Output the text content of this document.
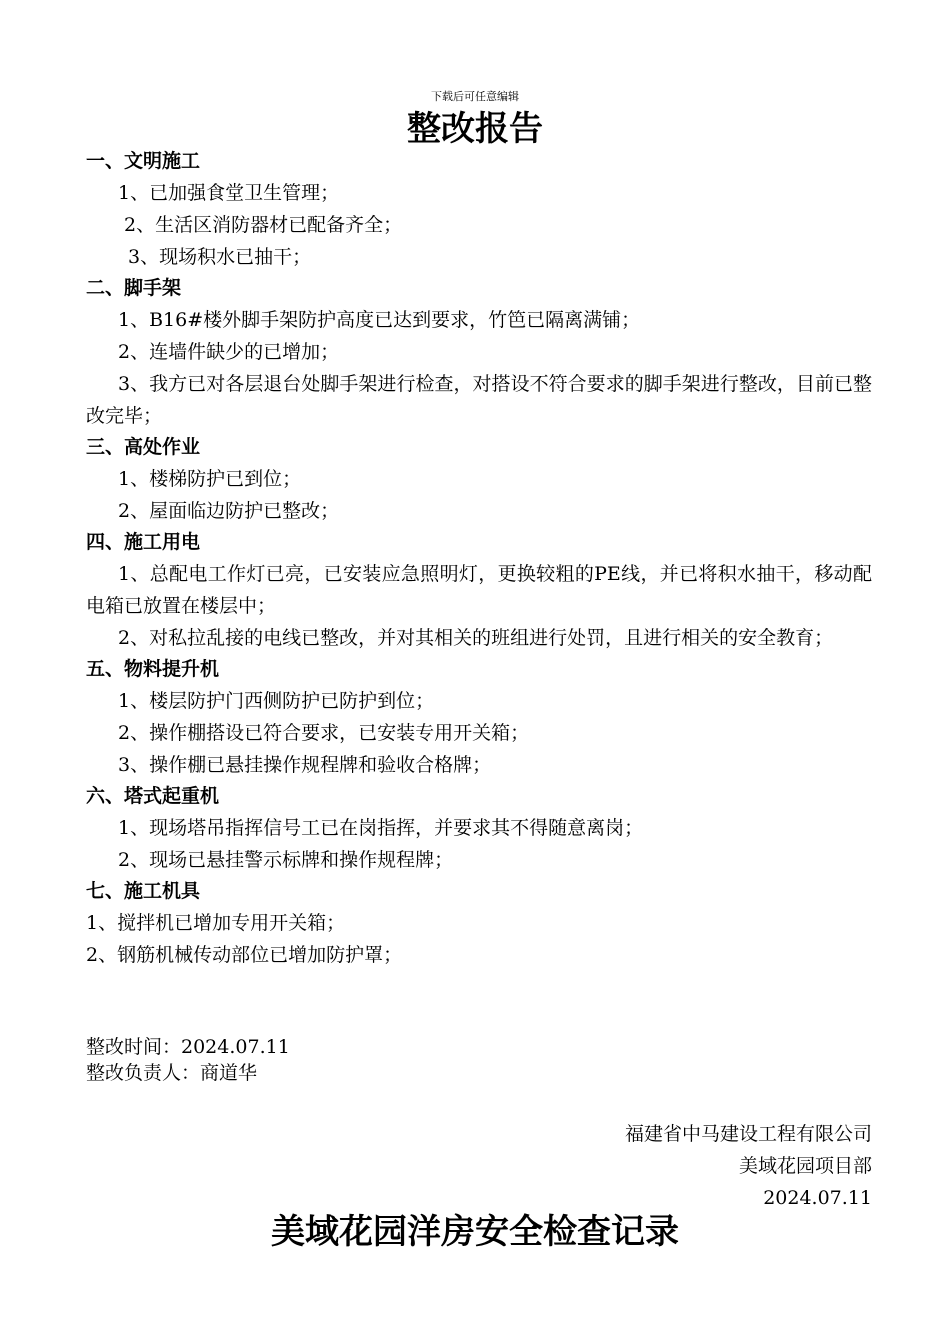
下载后可任意编辑
整改报告
一、文明施工
1、已加强食堂卫生管理；
2、生活区消防器材已配备齐全；
3、现场积水已抽干；
二、脚手架
1、B16#楼外脚手架防护高度已达到要求，竹笆已隔离满铺；
2、连墙件缺少的已增加；
3、我方已对各层退台处脚手架进行检查，对搭设不符合要求的脚手架进行整改，目前已整改完毕；
三、高处作业
1、楼梯防护已到位；
2、屋面临边防护已整改；
四、施工用电
1、总配电工作灯已亮，已安装应急照明灯，更换较粗的PE线，并已将积水抽干，移动配电箱已放置在楼层中；
2、对私拉乱接的电线已整改，并对其相关的班组进行处罚，且进行相关的安全教育；
五、物料提升机
1、楼层防护门西侧防护已防护到位；
2、操作棚搭设已符合要求，已安装专用开关箱；
3、操作棚已悬挂操作规程牌和验收合格牌；
六、塔式起重机
1、现场塔吊指挥信号工已在岗指挥，并要求其不得随意离岗；
2、现场已悬挂警示标牌和操作规程牌；
七、施工机具
1、搅拌机已增加专用开关箱；
2、钢筋机械传动部位已增加防护罩；
整改时间：2024.07.11
整改负责人：商道华
福建省中马建设工程有限公司
美域花园项目部
2024.07.11
美域花园洋房安全检查记录
